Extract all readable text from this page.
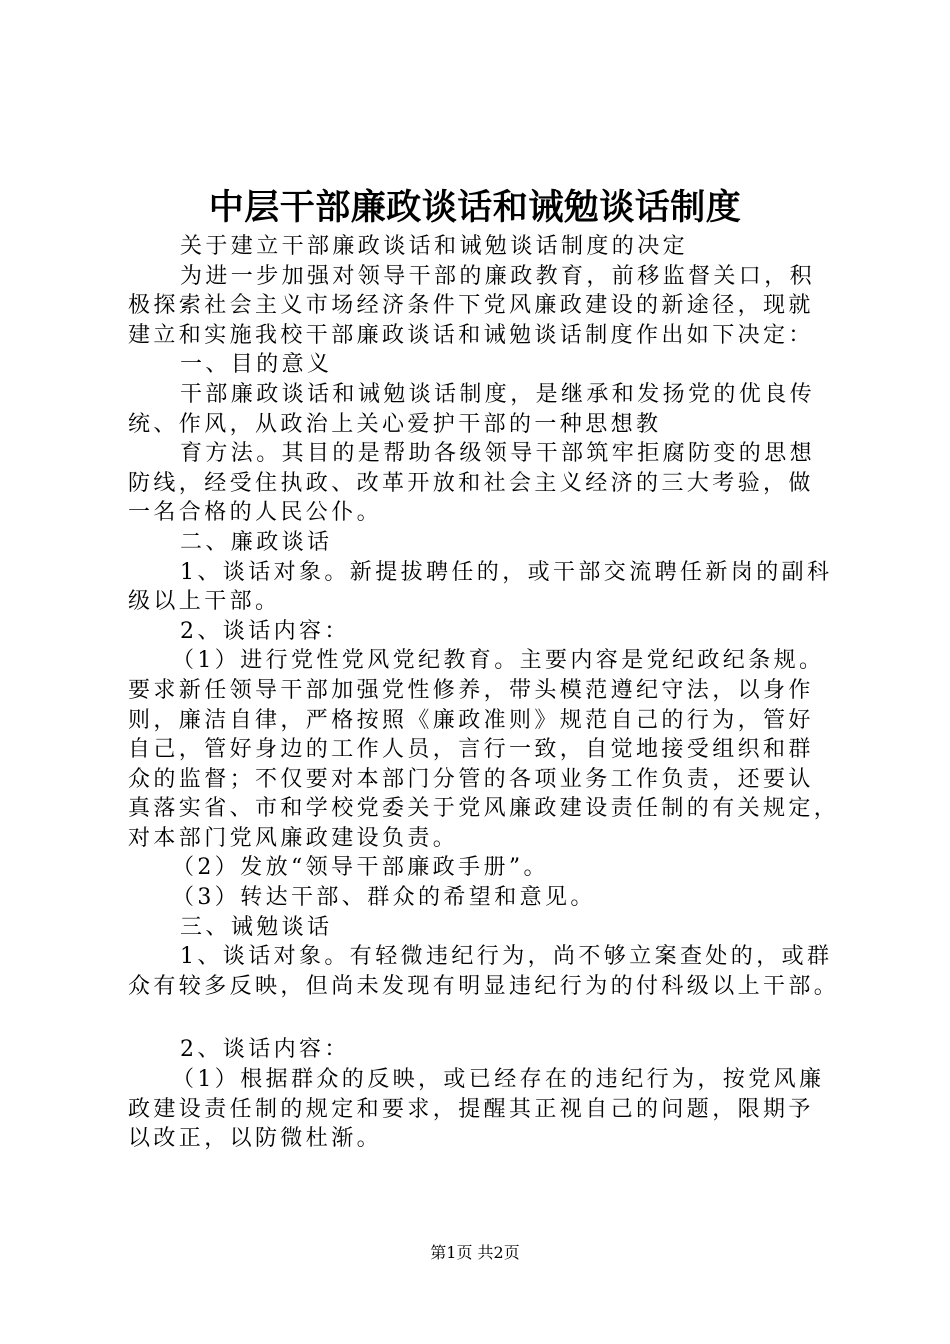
中层干部廉政谈话和诫勉谈话制度
关于建立干部廉政谈话和诫勉谈话制度的决定
为进一步加强对领导干部的廉政教育，前移监督关口，积
极探索社会主义市场经济条件下党风廉政建设的新途径，现就
建立和实施我校干部廉政谈话和诫勉谈话制度作出如下决定：
一、目的意义
干部廉政谈话和诫勉谈话制度，是继承和发扬党的优良传
统、作风，从政治上关心爱护干部的一种思想教
育方法。其目的是帮助各级领导干部筑牢拒腐防变的思想
防线，经受住执政、改革开放和社会主义经济的三大考验，做
一名合格的人民公仆。
二、廉政谈话
1、谈话对象。新提拔聘任的，或干部交流聘任新岗的副科
级以上干部。
2、谈话内容：
（1）进行党性党风党纪教育。主要内容是党纪政纪条规。
要求新任领导干部加强党性修养，带头模范遵纪守法，以身作
则，廉洁自律，严格按照《廉政准则》规范自己的行为，管好
自己，管好身边的工作人员，言行一致，自觉地接受组织和群
众的监督；不仅要对本部门分管的各项业务工作负责，还要认
真落实省、市和学校党委关于党风廉政建设责任制的有关规定，
对本部门党风廉政建设负责。
（2）发放“领导干部廉政手册”。
（3）转达干部、群众的希望和意见。
三、诫勉谈话
1、谈话对象。有轻微违纪行为，尚不够立案查处的，或群
众有较多反映，但尚未发现有明显违纪行为的付科级以上干部。
2、谈话内容：
（1）根据群众的反映，或已经存在的违纪行为，按党风廉
政建设责任制的规定和要求，提醒其正视自己的问题，限期予
以改正，以防微杜渐。
第1页 共2页
